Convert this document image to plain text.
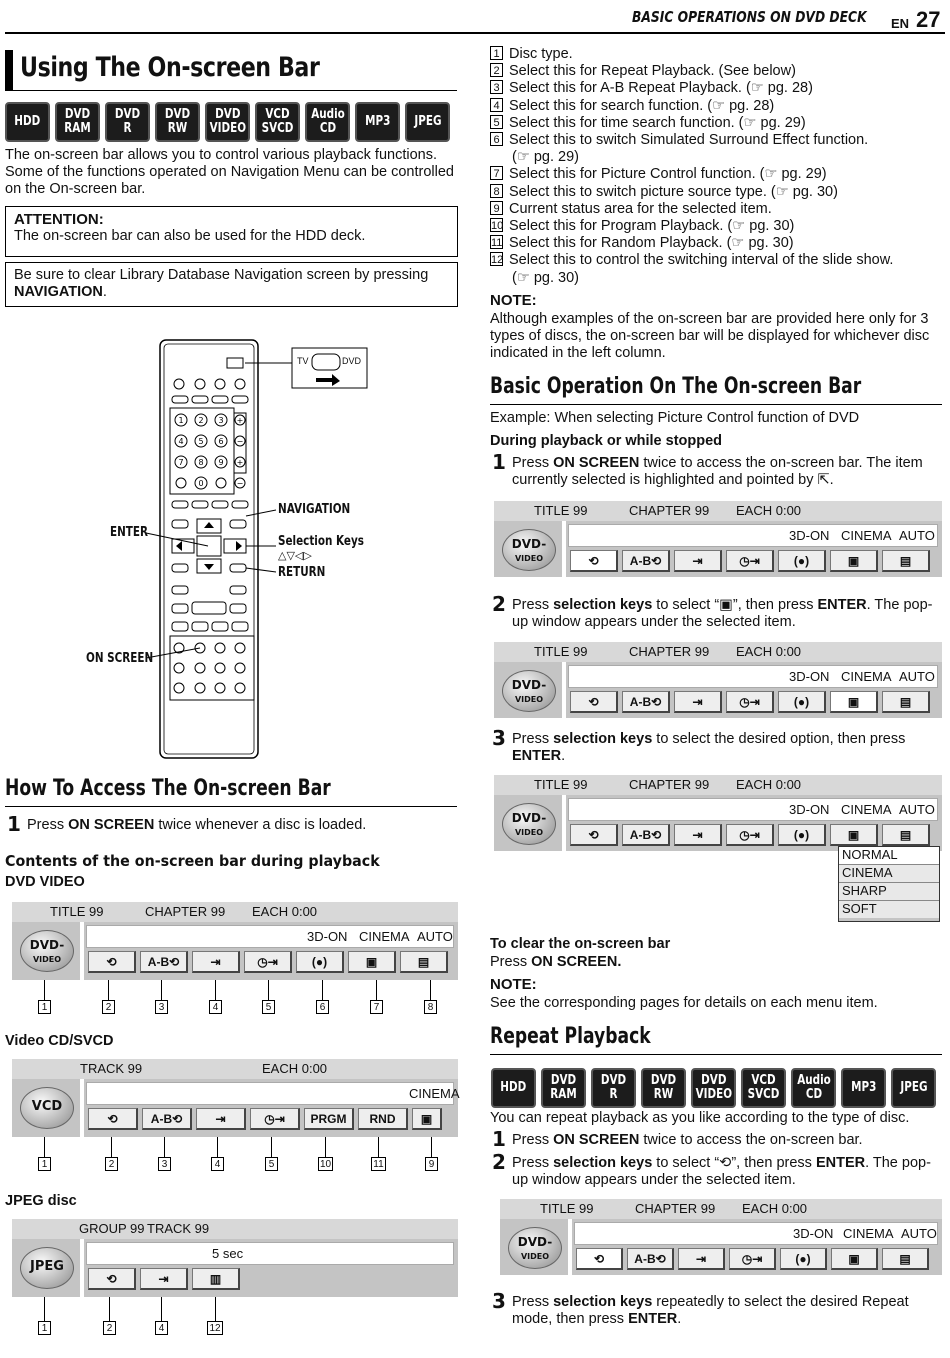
BASIC OPERATIONS ON DVD DECK EN 27
Using The On-screen Bar
HDD DVD RAM
DVD R
DVD RW
DVD VIDEO
VCD SVCD
Audio CD	MP3 JPEG
The on-screen bar allows you to control various playback functions. Some of the functions operated on Navigation Menu can be controlled on the On-screen bar.
ATTENTION:
The on-screen bar can also be used for the HDD deck.
Be sure to clear Library Database Navigation screen by pressing NAVIGATION.
1 2 3
4 5 6
7 8 9
0
+
−
+
−
TV	DVD
ENTER
NAVIGATION
Selection Keys
△▽◁▷
RETURN
ON SCREEN
How To Access The On-screen Bar
1 Press ON SCREEN twice whenever a disc is loaded.
Contents of the on-screen bar during playback
DVD VIDEO
TITLE 99	CHAPTER 99 EACH 0:00
DVD-
VIDEO
3D-ON CINEMA AUTO
⟲	A-B ⟲	⇥	◷⇥	(●)	▣	▤
1	2	3	4	5	6	7	8
Video CD/SVCD
TRACK 99	EACH 0:00
VCD
CINEMA
⟲	A-B ⟲	⇥	◷⇥	PRGM	RND	▣
1	2	3	4	5	10	11	9
JPEG disc
GROUP 99 TRACK 99
JPEG
5 sec
⟲	⇥	▥
1	2	4	12
1 Disc type.
2 Select this for Repeat Playback. (See below)
3 Select this for A-B Repeat Playback. (☞ pg. 28)
4 Select this for search function. (☞ pg. 28)
5 Select this for time search function. (☞ pg. 29)
6 Select this to switch Simulated Surround Effect function.
(☞ pg. 29)
7 Select this for Picture Control function. (☞ pg. 29)
8 Select this to switch picture source type. (☞ pg. 30)
9 Current status area for the selected item.
10 Select this for Program Playback. (☞ pg. 30)
11 Select this for Random Playback. (☞ pg. 30)
12 Select this to control the switching interval of the slide show.
(☞ pg. 30)
NOTE:
Although examples of the on-screen bar are provided here only for 3 types of discs, the on-screen bar will be displayed for whichever disc indicated in the left column.
Basic Operation On The On-screen Bar
Example: When selecting Picture Control function of DVD
During playback or while stopped
1 Press ON SCREEN twice to access the on-screen bar. The item currently selected is highlighted and pointed by ⇱.
TITLE 99	CHAPTER 99 EACH 0:00
DVD-
VIDEO
3D-ON CINEMA AUTO
⟲	A-B ⟲	⇥	◷⇥	(●)	▣	▤
2 Press selection keys to select “▣”, then press ENTER. The pop-up window appears under the selected item.
TITLE 99	CHAPTER 99 EACH 0:00
DVD-
VIDEO
3D-ON CINEMA AUTO
⟲	A-B ⟲	⇥	◷⇥	(●)	▣	▤
3 Press selection keys to select the desired option, then press ENTER.
TITLE 99	CHAPTER 99 EACH 0:00
DVD-
VIDEO
3D-ON CINEMA AUTO
⟲	A-B ⟲	⇥	◷⇥	(●)	▣	▤
NORMAL
CINEMA
SHARP
SOFT
To clear the on-screen bar
Press ON SCREEN.
NOTE:
See the corresponding pages for details on each menu item.
Repeat Playback
HDD DVD RAM
DVD R
DVD RW
DVD VIDEO
VCD SVCD
Audio CD	MP3 JPEG
You can repeat playback as you like according to the type of disc.
1 Press ON SCREEN twice to access the on-screen bar.
2 Press selection keys to select “⟲”, then press ENTER. The pop-up window appears under the selected item.
TITLE 99	CHAPTER 99 EACH 0:00
DVD-
VIDEO
3D-ON CINEMA AUTO
⟲	A-B ⟲	⇥	◷⇥	(●)	▣	▤
3 Press selection keys repeatedly to select the desired Repeat mode, then press ENTER.
